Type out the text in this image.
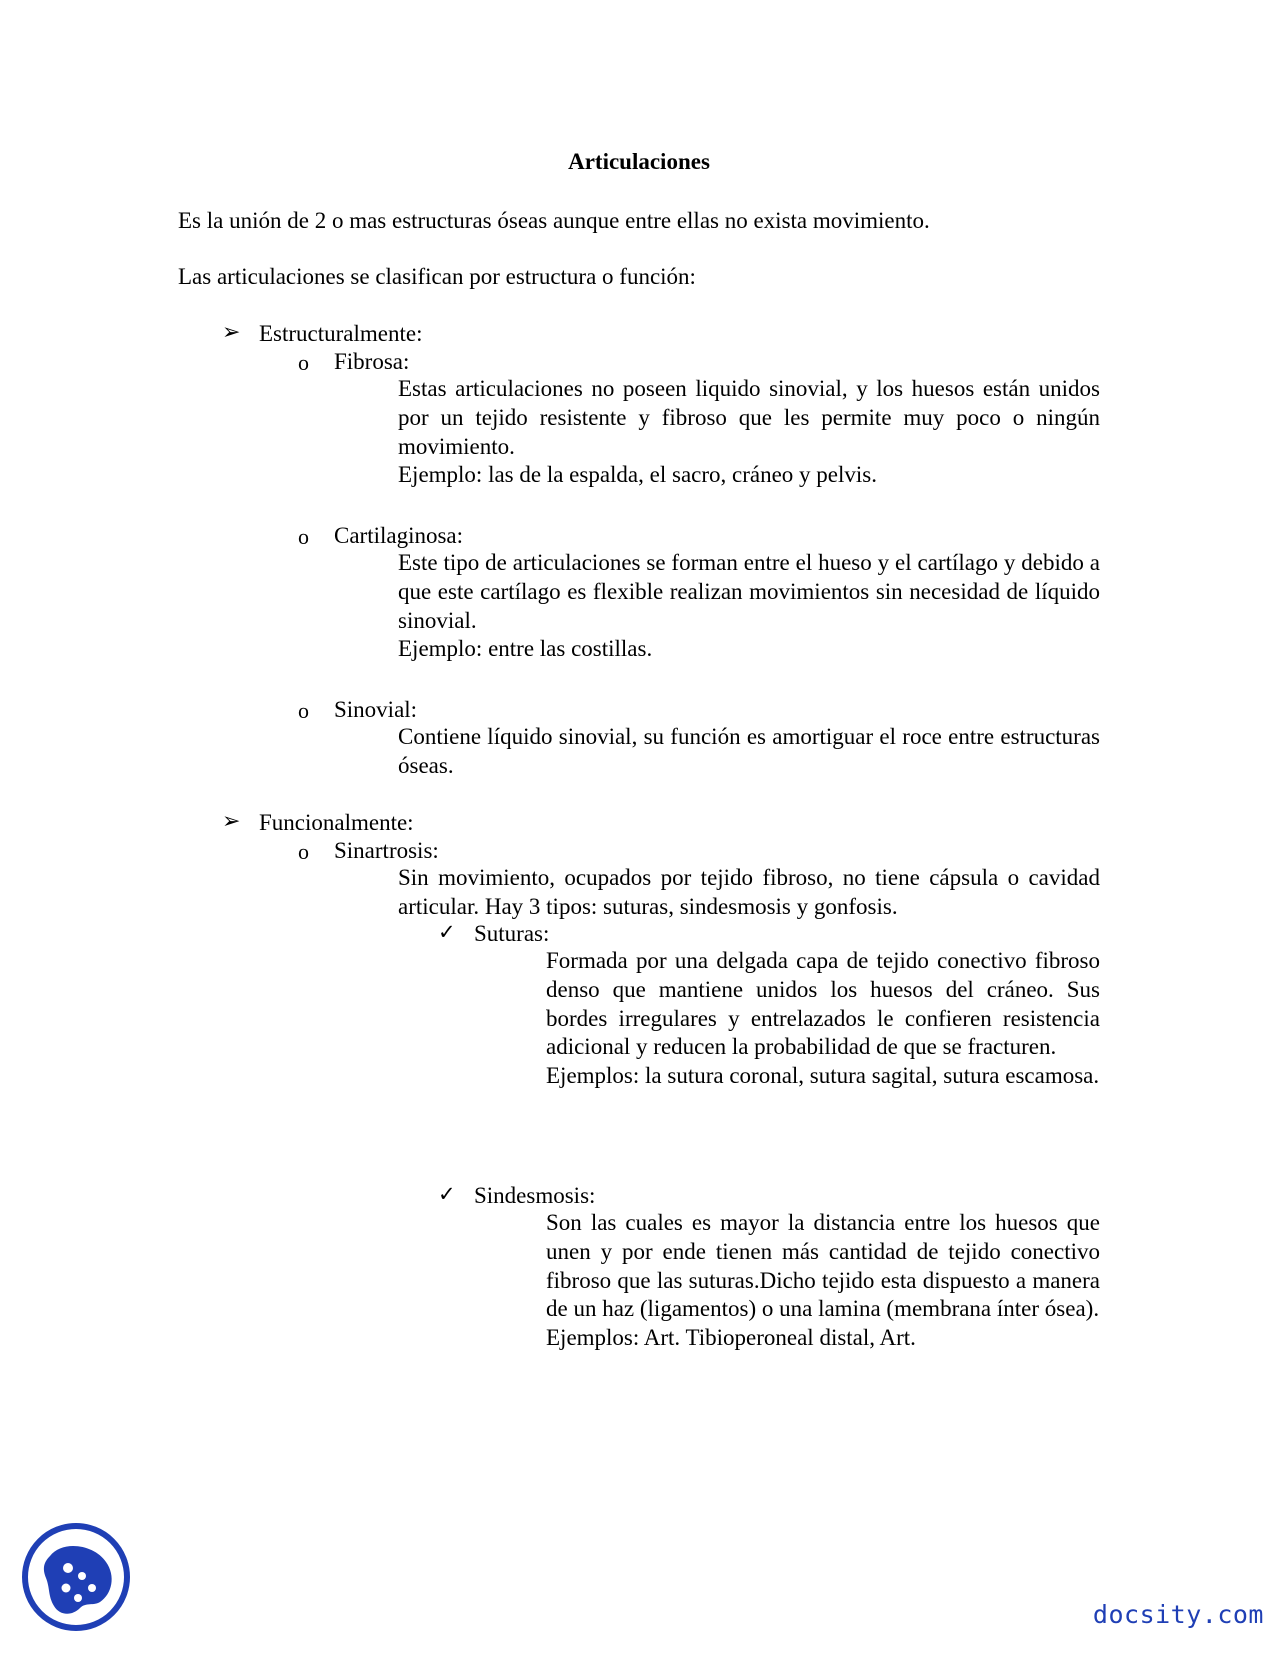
Articulaciones
Es la unión de 2 o mas estructuras óseas aunque entre ellas no exista movimiento.
Las articulaciones se clasifican por estructura o función:
➢ Estructuralmente:
o Fibrosa:
Estas articulaciones no poseen liquido sinovial, y los huesos están unidos por un tejido resistente y fibroso que les permite muy poco o ningún movimiento.
Ejemplo: las de la espalda, el sacro, cráneo y pelvis.
o Cartilaginosa:
Este tipo de articulaciones se forman entre el hueso y el cartílago y debido a que este cartílago es flexible realizan movimientos sin necesidad de líquido sinovial.
Ejemplo: entre las costillas.
o Sinovial:
Contiene líquido sinovial, su función es amortiguar el roce entre estructuras óseas.
➢ Funcionalmente:
o Sinartrosis:
Sin movimiento, ocupados por tejido fibroso, no tiene cápsula o cavidad articular. Hay 3 tipos: suturas, sindesmosis y gonfosis.
✓ Suturas:
Formada por una delgada capa de tejido conectivo fibroso denso que mantiene unidos los huesos del cráneo. Sus bordes irregulares y entrelazados le confieren resistencia adicional y reducen la probabilidad de que se fracturen.
Ejemplos: la sutura coronal, sutura sagital, sutura escamosa.
✓ Sindesmosis:
Son las cuales es mayor la distancia entre los huesos que unen y por ende tienen más cantidad de tejido conectivo fibroso que las suturas.Dicho tejido esta dispuesto a manera de un haz (ligamentos) o una lamina (membrana ínter ósea).
Ejemplos: Art. Tibioperoneal distal, Art.
docsity.com
